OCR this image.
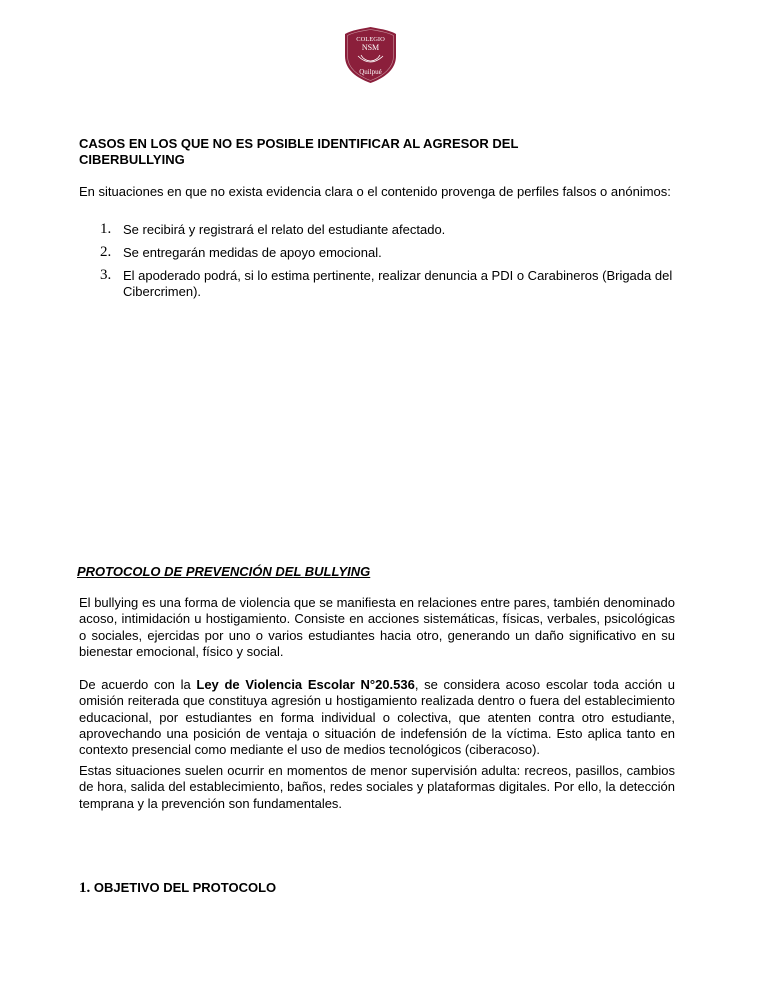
COLEGIO
NSM
Quilpué
CASOS EN LOS QUE NO ES POSIBLE IDENTIFICAR AL AGRESOR DEL CIBERBULLYING
En situaciones en que no exista evidencia clara o el contenido provenga de perfiles falsos o anónimos:
1. Se recibirá y registrará el relato del estudiante afectado.
2. Se entregarán medidas de apoyo emocional.
3. El apoderado podrá, si lo estima pertinente, realizar denuncia a PDI o Carabineros (Brigada del Cibercrimen).
PROTOCOLO DE PREVENCIÓN DEL BULLYING
El bullying es una forma de violencia que se manifiesta en relaciones entre pares, también denominado acoso, intimidación u hostigamiento. Consiste en acciones sistemáticas, físicas, verbales, psicológicas o sociales, ejercidas por uno o varios estudiantes hacia otro, generando un daño significativo en su bienestar emocional, físico y social.
De acuerdo con la Ley de Violencia Escolar N°20.536, se considera acoso escolar toda acción u omisión reiterada que constituya agresión u hostigamiento realizada dentro o fuera del establecimiento educacional, por estudiantes en forma individual o colectiva, que atenten contra otro estudiante, aprovechando una posición de ventaja o situación de indefensión de la víctima. Esto aplica tanto en contexto presencial como mediante el uso de medios tecnológicos (ciberacoso).
Estas situaciones suelen ocurrir en momentos de menor supervisión adulta: recreos, pasillos, cambios de hora, salida del establecimiento, baños, redes sociales y plataformas digitales. Por ello, la detección temprana y la prevención son fundamentales.
1. OBJETIVO DEL PROTOCOLO
